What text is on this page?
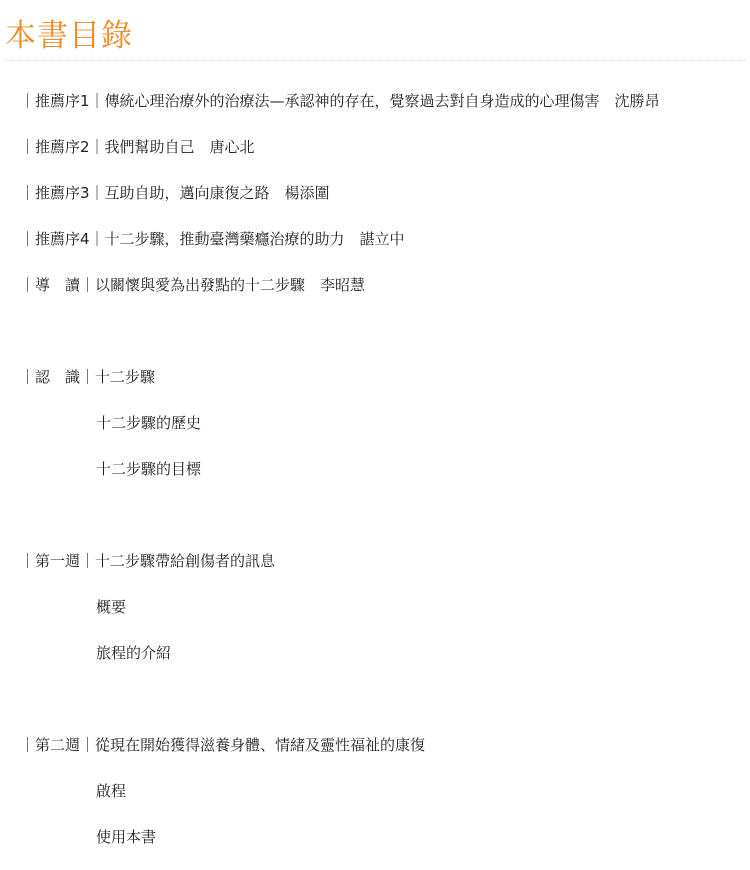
本書目錄
｜推薦序1｜傳統心理治療外的治療法—承認神的存在，覺察過去對自身造成的心理傷害　沈勝昂
｜推薦序2｜我們幫助自己　唐心北
｜推薦序3｜互助自助，邁向康復之路　楊添圍
｜推薦序4｜十二步驟，推動臺灣藥癮治療的助力　諶立中
｜導　讀｜以關懷與愛為出發點的十二步驟　李昭慧
｜認　識｜十二步驟
十二步驟的歷史
十二步驟的目標
｜第一週｜十二步驟帶給創傷者的訊息
概要
旅程的介紹
｜第二週｜從現在開始獲得滋養身體、情緒及靈性福祉的康復
啟程
使用本書
